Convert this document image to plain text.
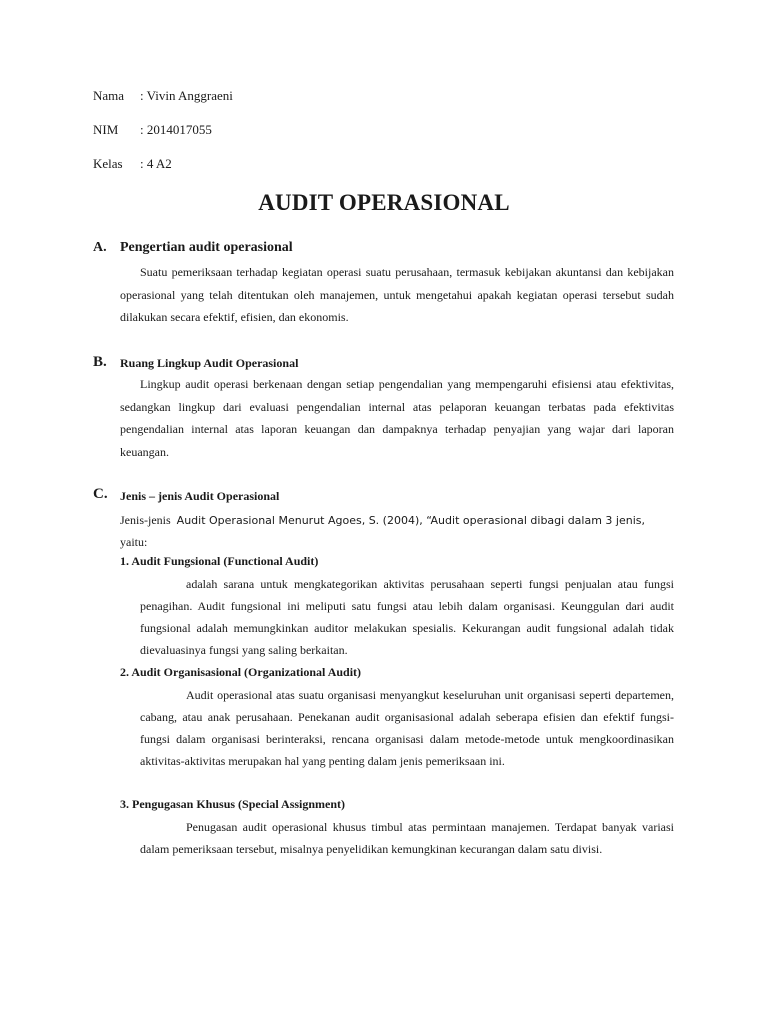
Nama : Vivin Anggraeni
NIM : 2014017055
Kelas : 4 A2
AUDIT OPERASIONAL
A. Pengertian audit operasional
Suatu pemeriksaan terhadap kegiatan operasi suatu perusahaan, termasuk kebijakan akuntansi dan kebijakan operasional yang telah ditentukan oleh manajemen, untuk mengetahui apakah kegiatan operasi tersebut sudah dilakukan secara efektif, efisien, dan ekonomis.
B. Ruang Lingkup Audit Operasional
Lingkup audit operasi berkenaan dengan setiap pengendalian yang mempengaruhi efisiensi atau efektivitas, sedangkan lingkup dari evaluasi pengendalian internal atas pelaporan keuangan terbatas pada efektivitas pengendalian internal atas laporan keuangan dan dampaknya terhadap penyajian yang wajar dari laporan keuangan.
C. Jenis – jenis Audit Operasional
Jenis-jenis Audit Operasional Menurut Agoes, S. (2004), “Audit operasional dibagi dalam 3 jenis,
yaitu:
1. Audit Fungsional (Functional Audit)
adalah sarana untuk mengkategorikan aktivitas perusahaan seperti fungsi penjualan atau fungsi penagihan. Audit fungsional ini meliputi satu fungsi atau lebih dalam organisasi. Keunggulan dari audit fungsional adalah memungkinkan auditor melakukan spesialis. Kekurangan audit fungsional adalah tidak dievaluasinya fungsi yang saling berkaitan.
2. Audit Organisasional (Organizational Audit)
Audit operasional atas suatu organisasi menyangkut keseluruhan unit organisasi seperti departemen, cabang, atau anak perusahaan. Penekanan audit organisasional adalah seberapa efisien dan efektif fungsi-fungsi dalam organisasi berinteraksi, rencana organisasi dalam metode-metode untuk mengkoordinasikan aktivitas-aktivitas merupakan hal yang penting dalam jenis pemeriksaan ini.
3. Pengugasan Khusus (Special Assignment)
Penugasan audit operasional khusus timbul atas permintaan manajemen. Terdapat banyak variasi dalam pemeriksaan tersebut, misalnya penyelidikan kemungkinan kecurangan dalam satu divisi.
